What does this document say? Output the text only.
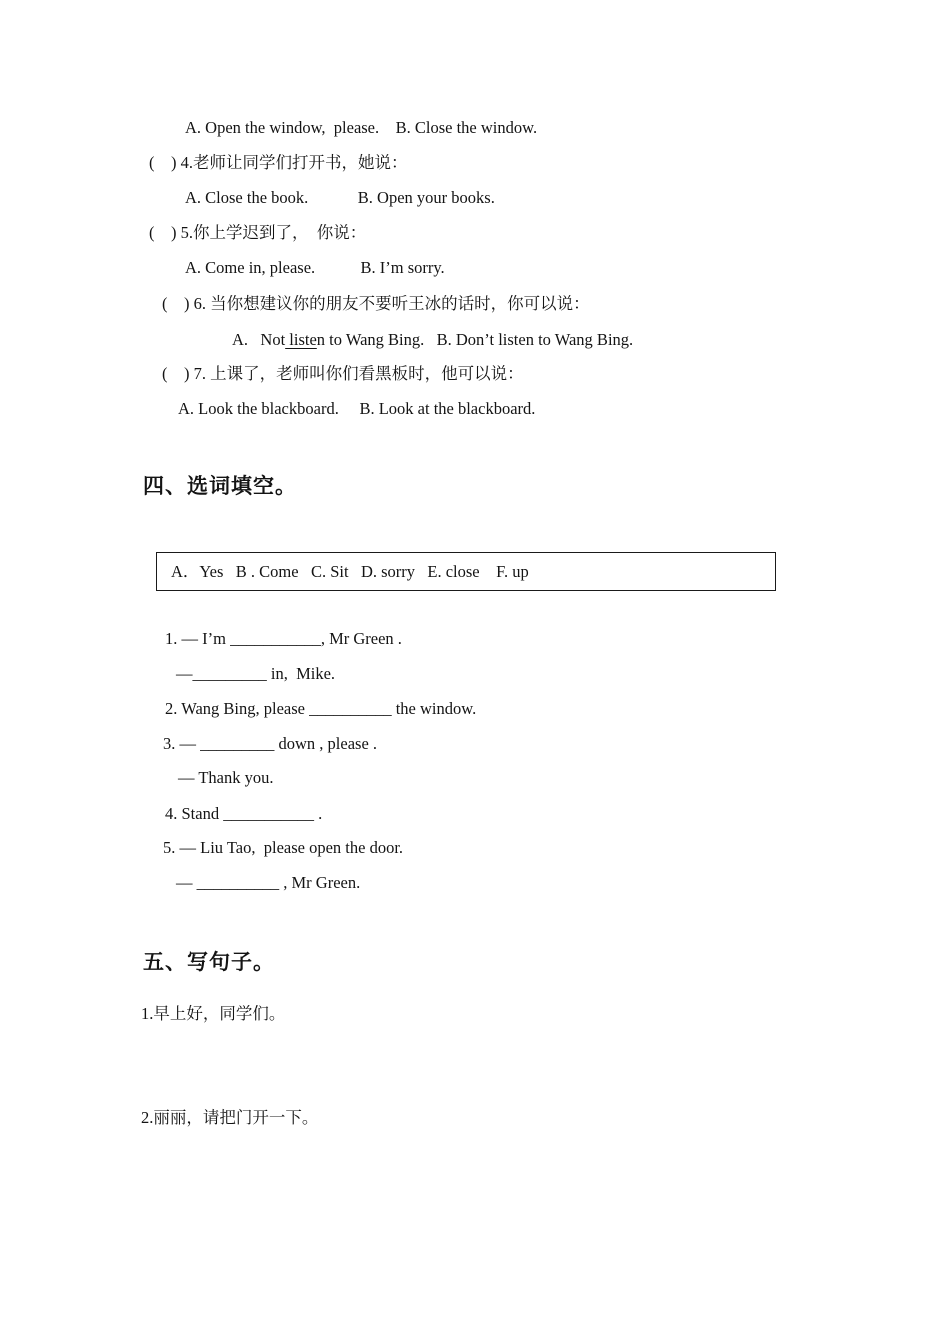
A. Open the window,  please.    B. Close the window.
(    ) 4.老师让同学们打开书，她说：
A. Close the book.            B. Open your books.
(    ) 5.你上学迟到了，  你说：
A. Come in, please.           B. I’m sorry.
(    ) 6. 当你想建议你的朋友不要听王冰的话时，你可以说：
A.   Not listen to Wang Bing.   B. Don’t listen to Wang Bing.
(    ) 7. 上课了，老师叫你们看黑板时，他可以说：
A. Look the blackboard.     B. Look at the blackboard.
四、选词填空。
A．Yes   B . Come   C. Sit   D. sorry   E. close    F. up
1. — I’m ___________, Mr Green .
—_________ in,  Mike.
2. Wang Bing, please __________ the window.
3. — _________ down , please .
— Thank you.
4. Stand ___________ .
5. — Liu Tao,  please open the door.
— __________ , Mr Green.
五、写句子。
1.早上好，同学们。
2.丽丽，请把门开一下。
